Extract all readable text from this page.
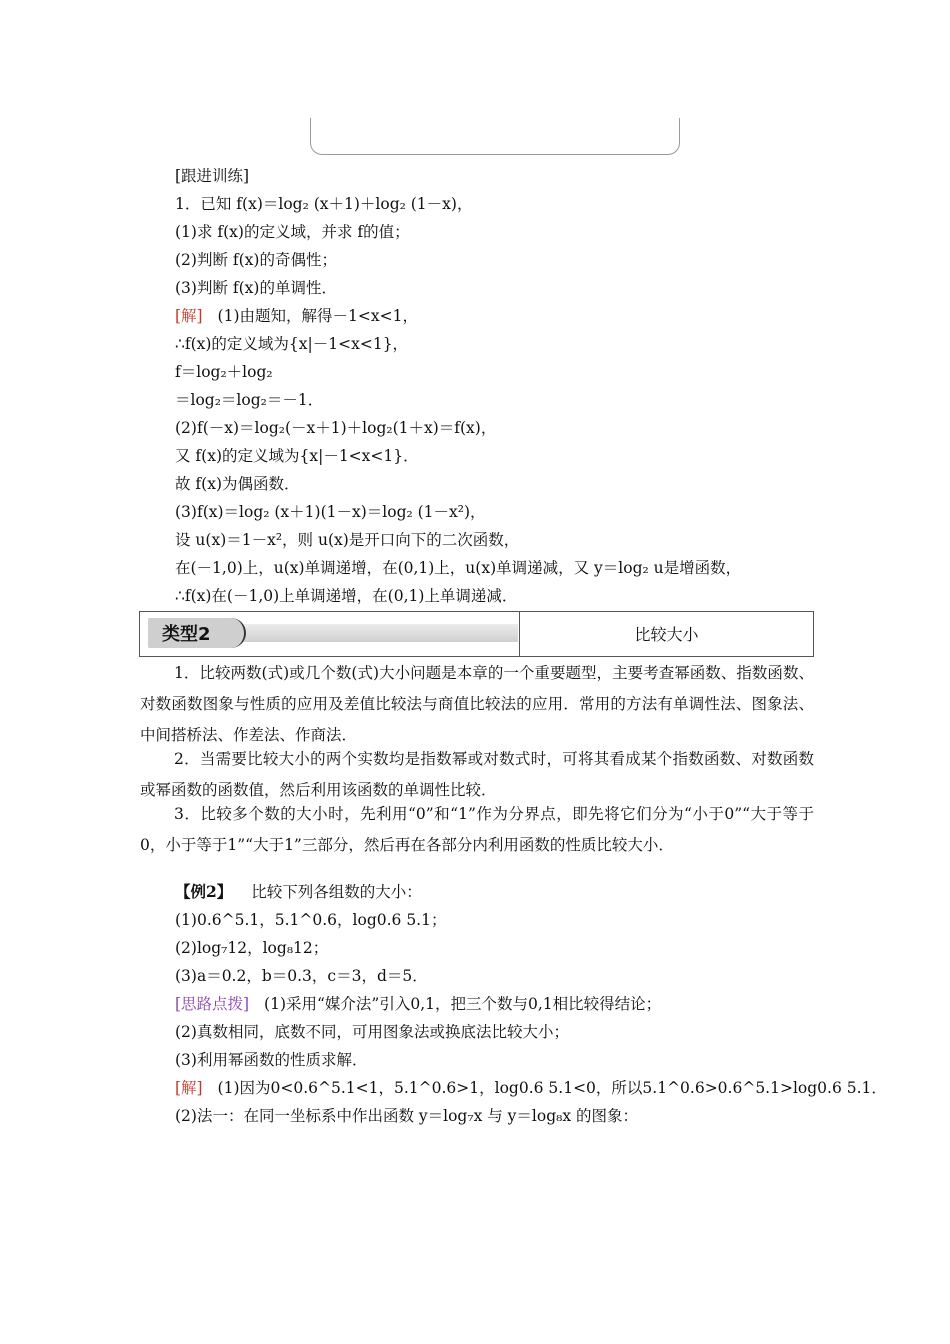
[跟进训练]
1．已知 f(x)＝log₂ (x＋1)＋log₂ (1－x)，
(1)求 f(x)的定义域，并求 f的值；
(2)判断 f(x)的奇偶性；
(3)判断 f(x)的单调性．
[解] (1)由题知，解得－1<x<1，
∴f(x)的定义域为{x|－1<x<1}，
f＝log₂＋log₂
＝log₂＝log₂＝－1．
(2)f(－x)＝log₂(－x＋1)＋log₂(1＋x)＝f(x)，
又 f(x)的定义域为{x|－1<x<1}．
故 f(x)为偶函数．
(3)f(x)＝log₂ (x＋1)(1－x)＝log₂ (1－x²)，
设 u(x)＝1－x²，则 u(x)是开口向下的二次函数，
在(－1,0)上，u(x)单调递增，在(0,1)上，u(x)单调递减，又 y＝log₂ u是增函数，
∴f(x)在(－1,0)上单调递增，在(0,1)上单调递减．
类型2	比较大小
1．比较两数(式)或几个数(式)大小问题是本章的一个重要题型，主要考查幂函数、指数函数、对数函数图象与性质的应用及差值比较法与商值比较法的应用．常用的方法有单调性法、图象法、中间搭桥法、作差法、作商法．
2．当需要比较大小的两个实数均是指数幂或对数式时，可将其看成某个指数函数、对数函数或幂函数的函数值，然后利用该函数的单调性比较．
3．比较多个数的大小时，先利用“0”和“1”作为分界点，即先将它们分为“小于0”“大于等于0，小于等于1”“大于1”三部分，然后再在各部分内利用函数的性质比较大小．
【例2】 比较下列各组数的大小：
(1)0.6^5.1，5.1^0.6，log0.6 5.1；
(2)log₇12，log₈12；
(3)a＝0.2，b＝0.3，c＝3，d＝5．
[思路点拨] (1)采用“媒介法”引入0,1，把三个数与0,1相比较得结论；
(2)真数相同，底数不同，可用图象法或换底法比较大小；
(3)利用幂函数的性质求解．
[解] (1)因为0<0.6^5.1<1，5.1^0.6>1，log0.6 5.1<0，所以5.1^0.6>0.6^5.1>log0.6 5.1．
(2)法一：在同一坐标系中作出函数 y＝log₇x 与 y＝log₈x 的图象：
